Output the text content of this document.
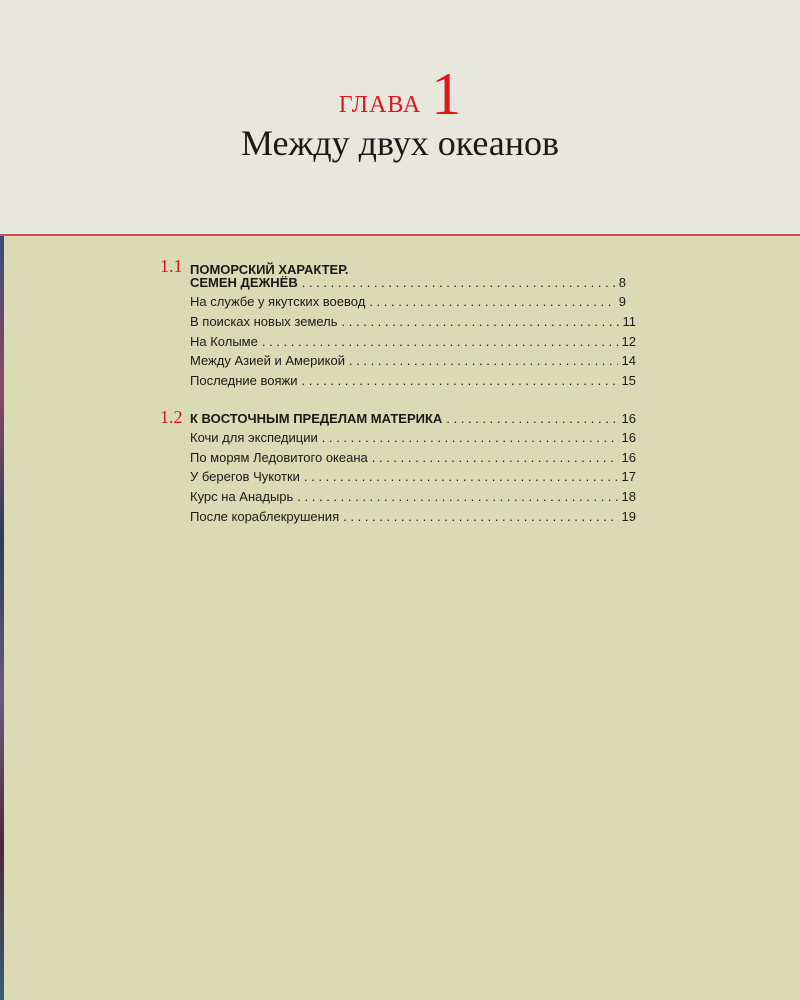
ГЛАВА 1
Между двух океанов
1.1 ПОМОРСКИЙ ХАРАКТЕР.
СЕМЕН ДЕЖНЁВ . . .	8
На службе у якутских воевод . . .	9
В поисках новых земель . . .	11
На Колыме . . .	12
Между Азией и Америкой . . .	14
Последние вояжи . . .	15
1.2 К ВОСТОЧНЫМ ПРЕДЕЛАМ МАТЕРИКА . . .	16
Кочи для экспедиции . . .	16
По морям Ледовитого океана . . .	16
У берегов Чукотки . . .	17
Курс на Анадырь . . .	18
После кораблекрушения . . .	19
